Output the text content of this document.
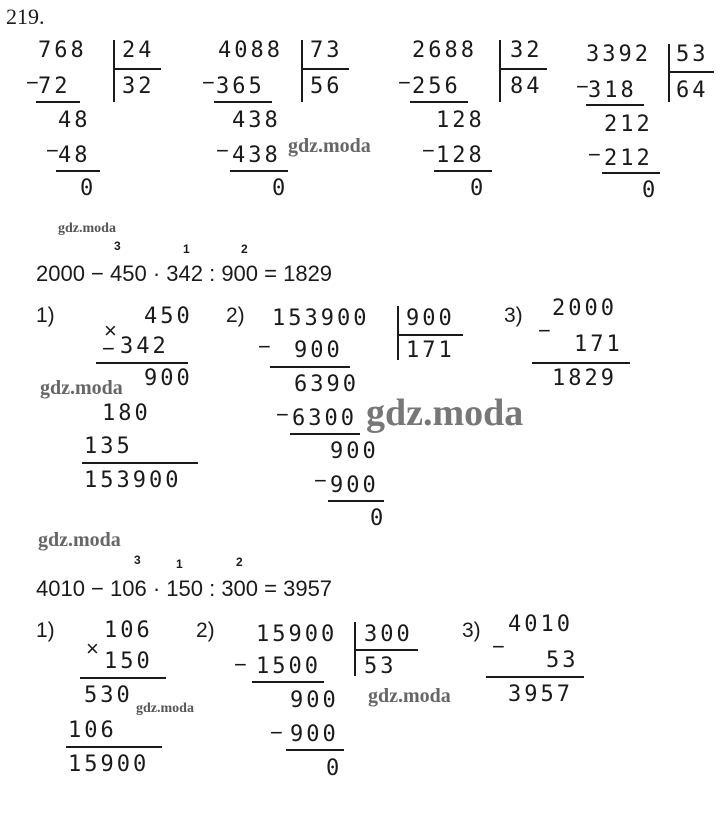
219.
768 24
32
− 72
48
− 48
0
4088 73
56
− 365
438
− 438
0
2688 32
84
− 256
128
− 128
0
3392 53
64
− 318
212
− 212
0
gdz.moda
gdz.moda
3	1	2
2000 − 450 · 342 : 900 = 1829
1)
×
450
− 342
900
180
135
153900
2) 153900 900
171
− 900
6390
− 6300
900
− 900
0
3) 2000
−
171
1829
gdz.moda
gdz.moda
gdz.moda
3	1	2
4010 − 106 · 150 : 300 = 3957
1) 106
×
150
530
106
15900
2) 15900 300
53
− 1500
900
− 900
0
3) 4010
−
53
3957
gdz.moda
gdz.moda
